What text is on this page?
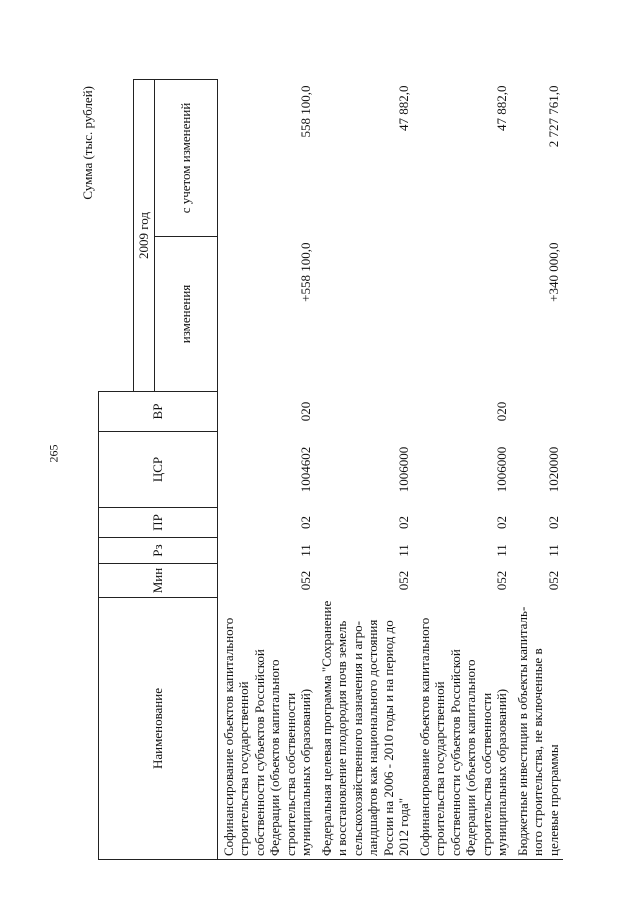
265
Сумма (тыс. рублей)
Наименование	Мин	Рз	ПР	ЦСР	ВР		
						2009 год	
						изменения	с учетом изменений
Софинансирование объектов капитального строительства государственной собственности субъектов Российской Федерации (объектов капитального строительства собственности муниципальных образований)	052	11	02	1004602	020	+558 100,0	558 100,0
Федеральная целевая программа "Сохранение и восстановление плодородия почв земель сельскохозяйственного назначения и агро-ландшафтов как национального достояния России на 2006 - 2010 годы и на период до 2012 года"	052	11	02	1006000			47 882,0
Софинансирование объектов капитального строительства государственной собственности субъектов Российской Федерации (объектов капитального строительства собственности муниципальных образований)	052	11	02	1006000	020		47 882,0
Бюджетные инвестиции в объекты капиталь-ного строительства, не включенные в целевые программы	052	11	02	1020000		+340 000,0	2 727 761,0
